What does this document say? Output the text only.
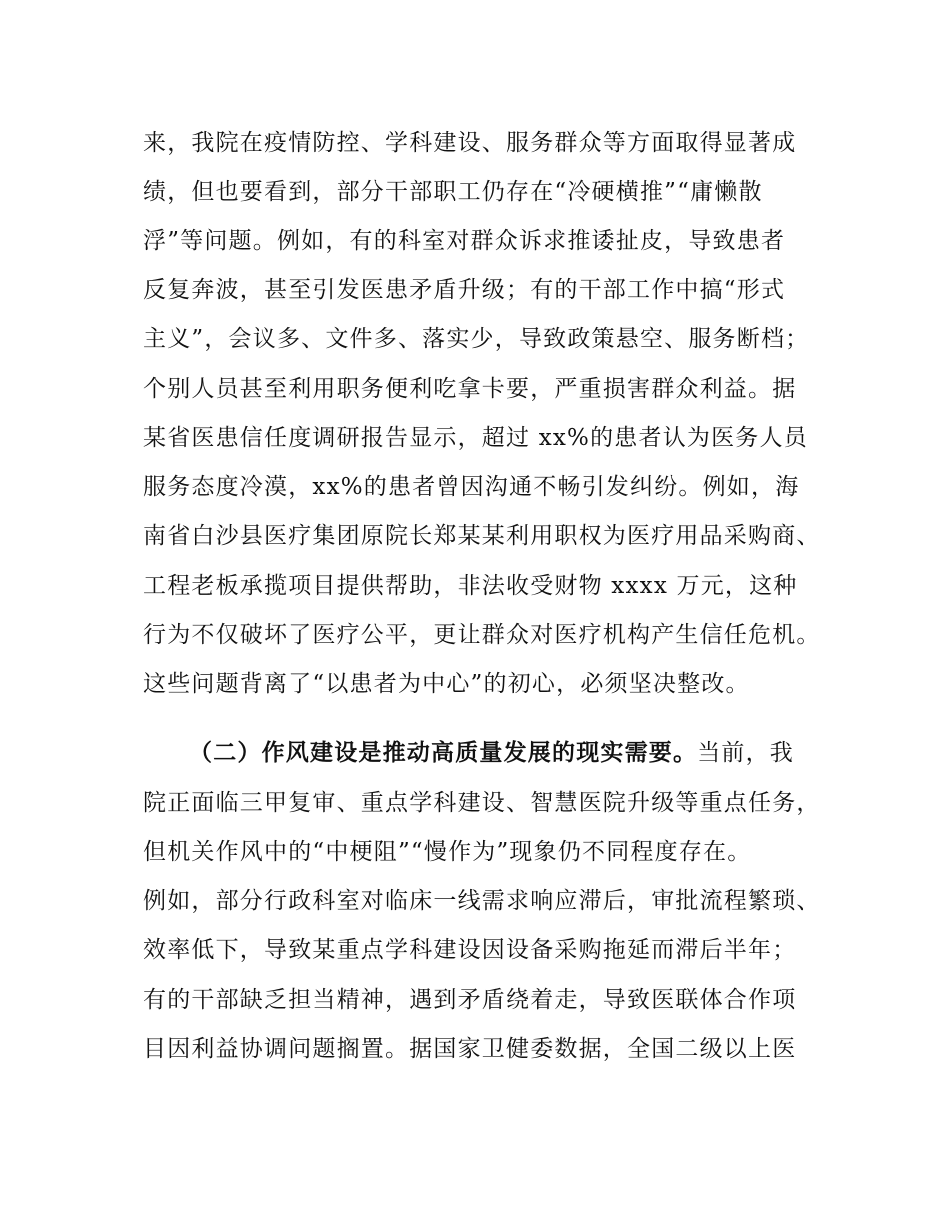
来，我院在疫情防控、学科建设、服务群众等方面取得显著成
绩，但也要看到，部分干部职工仍存在“冷硬横推”“庸懒散
浮”等问题。例如，有的科室对群众诉求推诿扯皮，导致患者
反复奔波，甚至引发医患矛盾升级；有的干部工作中搞“形式
主义”，会议多、文件多、落实少，导致政策悬空、服务断档；
个别人员甚至利用职务便利吃拿卡要，严重损害群众利益。据
某省医患信任度调研报告显示，超过 xx%的患者认为医务人员
服务态度冷漠，xx%的患者曾因沟通不畅引发纠纷。例如，海
南省白沙县医疗集团原院长郑某某利用职权为医疗用品采购商、
工程老板承揽项目提供帮助，非法收受财物 xxxx 万元，这种
行为不仅破坏了医疗公平，更让群众对医疗机构产生信任危机。
这些问题背离了“以患者为中心”的初心，必须坚决整改。
（二）作风建设是推动高质量发展的现实需要。当前，我
院正面临三甲复审、重点学科建设、智慧医院升级等重点任务，
但机关作风中的“中梗阻”“慢作为”现象仍不同程度存在。
例如，部分行政科室对临床一线需求响应滞后，审批流程繁琐、
效率低下，导致某重点学科建设因设备采购拖延而滞后半年；
有的干部缺乏担当精神，遇到矛盾绕着走，导致医联体合作项
目因利益协调问题搁置。据国家卫健委数据，全国二级以上医
